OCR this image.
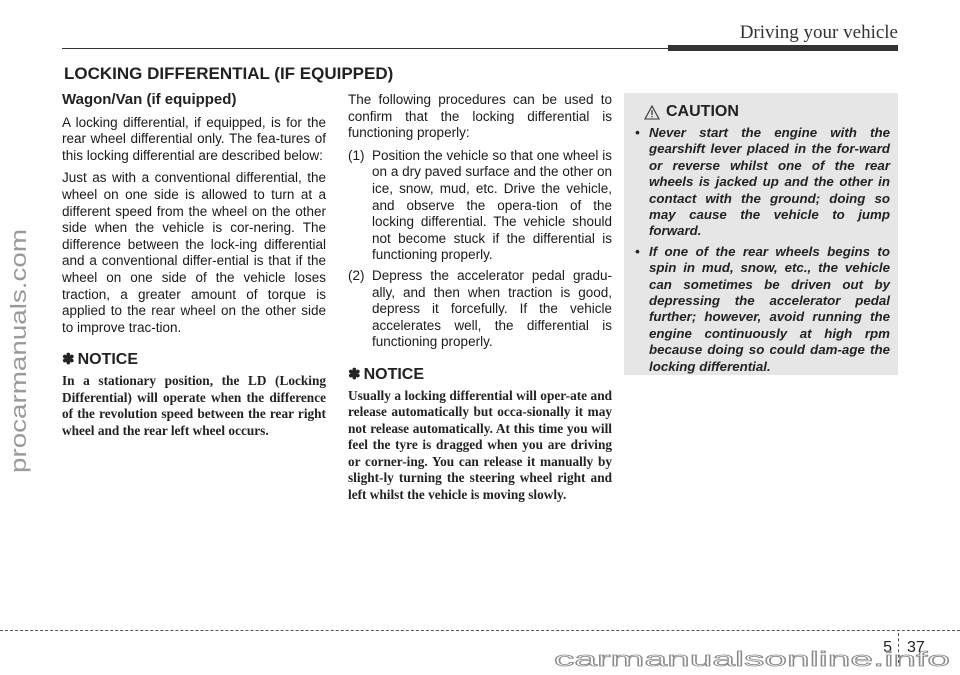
Driving your vehicle
procarmanuals.com
LOCKING DIFFERENTIAL (IF EQUIPPED)
Wagon/Van (if equipped)

A locking differential, if equipped, is for the rear wheel differential only. The fea-tures of this locking differential are described below:

Just as with a conventional differential, the wheel on one side is allowed to turn at a different speed from the wheel on the other side when the vehicle is cor-nering. The difference between the lock-ing differential and a conventional differ-ential is that if the wheel on one side of the vehicle loses traction, a greater amount of torque is applied to the rear wheel on the other side to improve trac-tion.

✽ NOTICE

In a stationary position, the LD (Locking Differential) will operate when the difference of the revolution speed between the rear right wheel and the rear left wheel occurs.

The following procedures can be used to confirm that the locking differential is functioning properly:

(1) Position the vehicle so that one wheel is on a dry paved surface and the other on ice, snow, mud, etc. Drive the vehicle, and observe the opera-tion of the locking differential. The vehicle should not become stuck if the differential is functioning properly.
(2) Depress the accelerator pedal gradu-ally, and then when traction is good, depress it forcefully. If the vehicle accelerates well, the differential is functioning properly.
✽ NOTICE

Usually a locking differential will oper-ate and release automatically but occa-sionally it may not release automatically. At this time you will feel the tyre is dragged when you are driving or corner-ing. You can release it manually by slight-ly turning the steering wheel right and left whilst the vehicle is moving slowly.

CAUTION
• Never start the engine with the gearshift lever placed in the for-ward or reverse whilst one of the rear wheels is jacked up and the other in contact with the ground; doing so may cause the vehicle to jump forward.
• If one of the rear wheels begins to spin in mud, snow, etc., the vehicle can sometimes be driven out by depressing the accelerator pedal further; however, avoid running the engine continuously at high rpm because doing so could dam-age the locking differential.
5 37
carmanualsonline.info
